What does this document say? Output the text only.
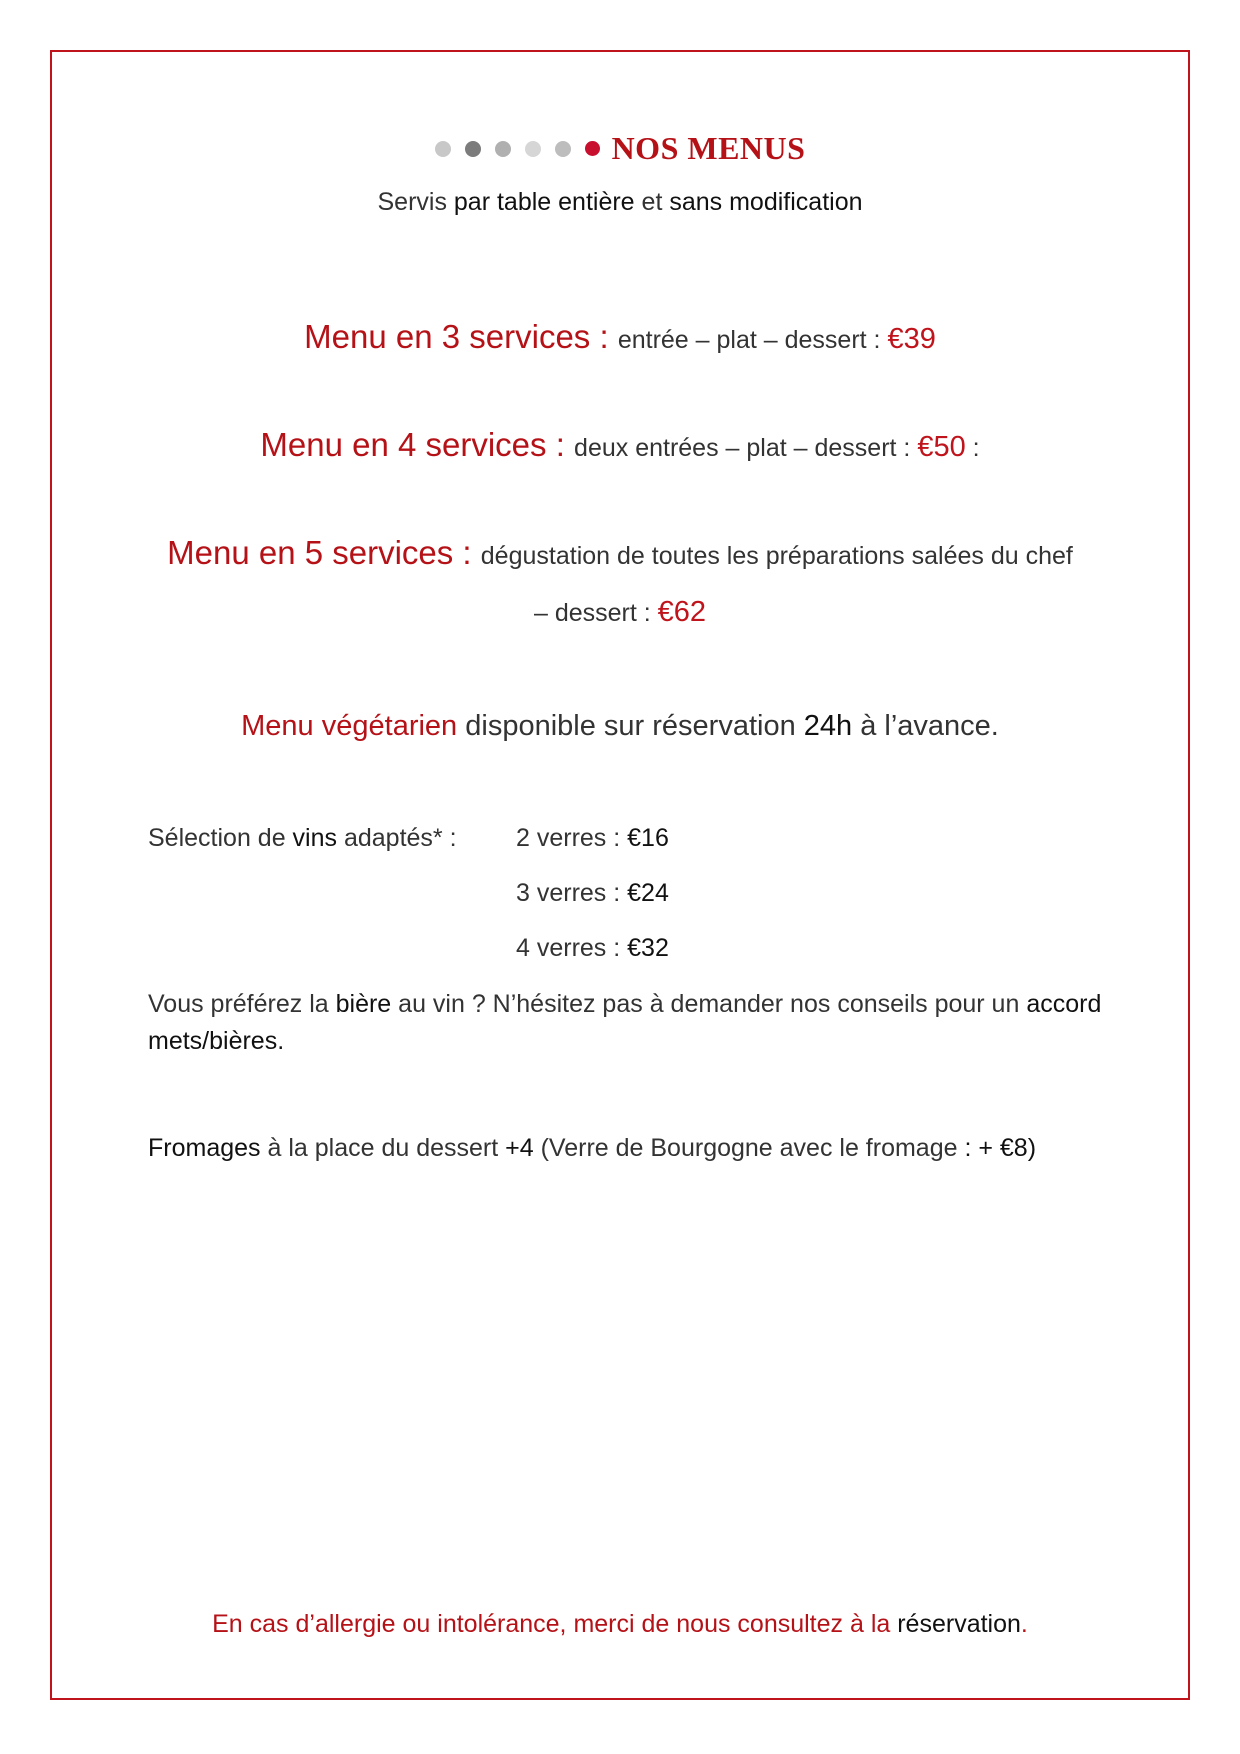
NOS MENUS
Servis par table entière et sans modification
Menu en 3 services : entrée – plat – dessert : €39
Menu en 4 services : deux entrées – plat – dessert : €50 :
Menu en 5 services : dégustation de toutes les préparations salées du chef
– dessert : €62
Menu végétarien disponible sur réservation 24h à l’avance.
Sélection de vins adaptés* : 2 verres : €16
3 verres : €24
4 verres : €32
Vous préférez la bière au vin ? N’hésitez pas à demander nos conseils pour un accord
mets/bières.
Fromages à la place du dessert +4 (Verre de Bourgogne avec le fromage : + €8)
En cas d’allergie ou intolérance, merci de nous consultez à la réservation.
